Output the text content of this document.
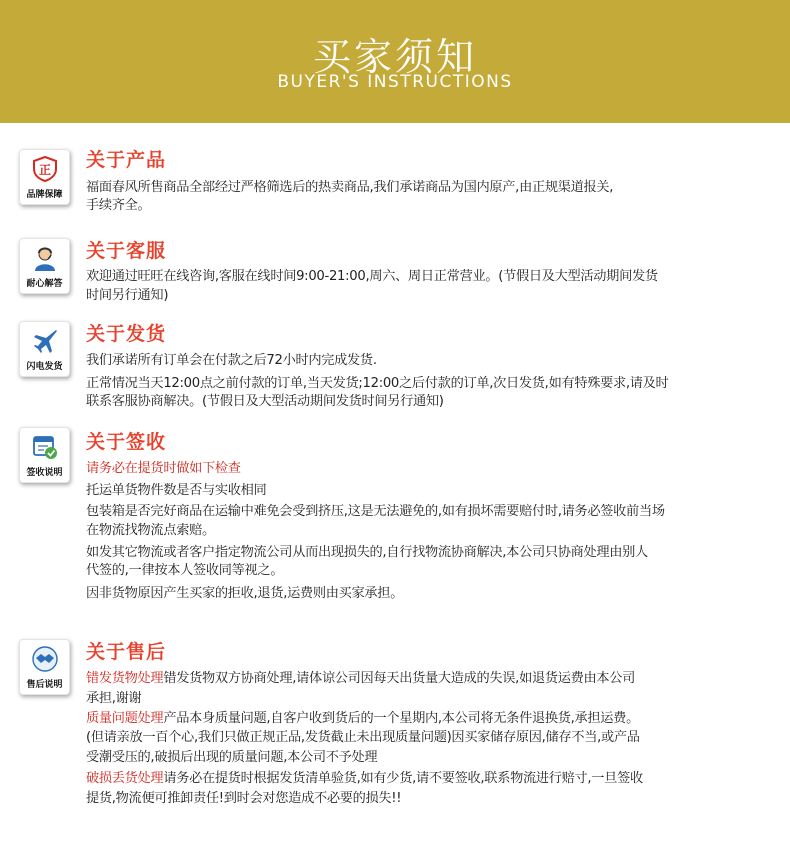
买家须知
BUYER'S INSTRUCTIONS
正
品牌保障
关于产品
福面春风所售商品全部经过严格筛选后的热卖商品,我们承诺商品为国内原产,由正规渠道报关,
手续齐全。
耐心解答
关于客服
欢迎通过旺旺在线咨询,客服在线时间9:00-21:00,周六、周日正常营业。(节假日及大型活动期间发货
时间另行通知)
闪电发货
关于发货
我们承诺所有订单会在付款之后72小时内完成发货.
正常情况当天12:00点之前付款的订单,当天发货;12:00之后付款的订单,次日发货,如有特殊要求,请及时
联系客服协商解决。(节假日及大型活动期间发货时间另行通知)
签收说明
关于签收
请务必在提货时做如下检查
托运单货物件数是否与实收相同
包装箱是否完好商品在运输中难免会受到挤压,这是无法避免的,如有损坏需要赔付时,请务必签收前当场
在物流找物流点索赔。
如发其它物流或者客户指定物流公司从而出现损失的,自行找物流协商解决,本公司只协商处理由别人
代签的,一律按本人签收同等视之。
因非货物原因产生买家的拒收,退货,运费则由买家承担。
售后说明
关于售后
错发货物处理错发货物双方协商处理,请体谅公司因每天出货量大造成的失误,如退货运费由本公司
承担,谢谢
质量问题处理产品本身质量问题,自客户收到货后的一个星期内,本公司将无条件退换货,承担运费。
(但请亲放一百个心,我们只做正规正品,发货截止未出现质量问题)因买家储存原因,储存不当,或产品
受潮受压的,破损后出现的质量问题,本公司不予处理
破损丢货处理请务必在提货时根据发货清单验货,如有少货,请不要签收,联系物流进行赔寸,一旦签收
提货,物流便可推卸责任!到时会对您造成不必要的损失!!
